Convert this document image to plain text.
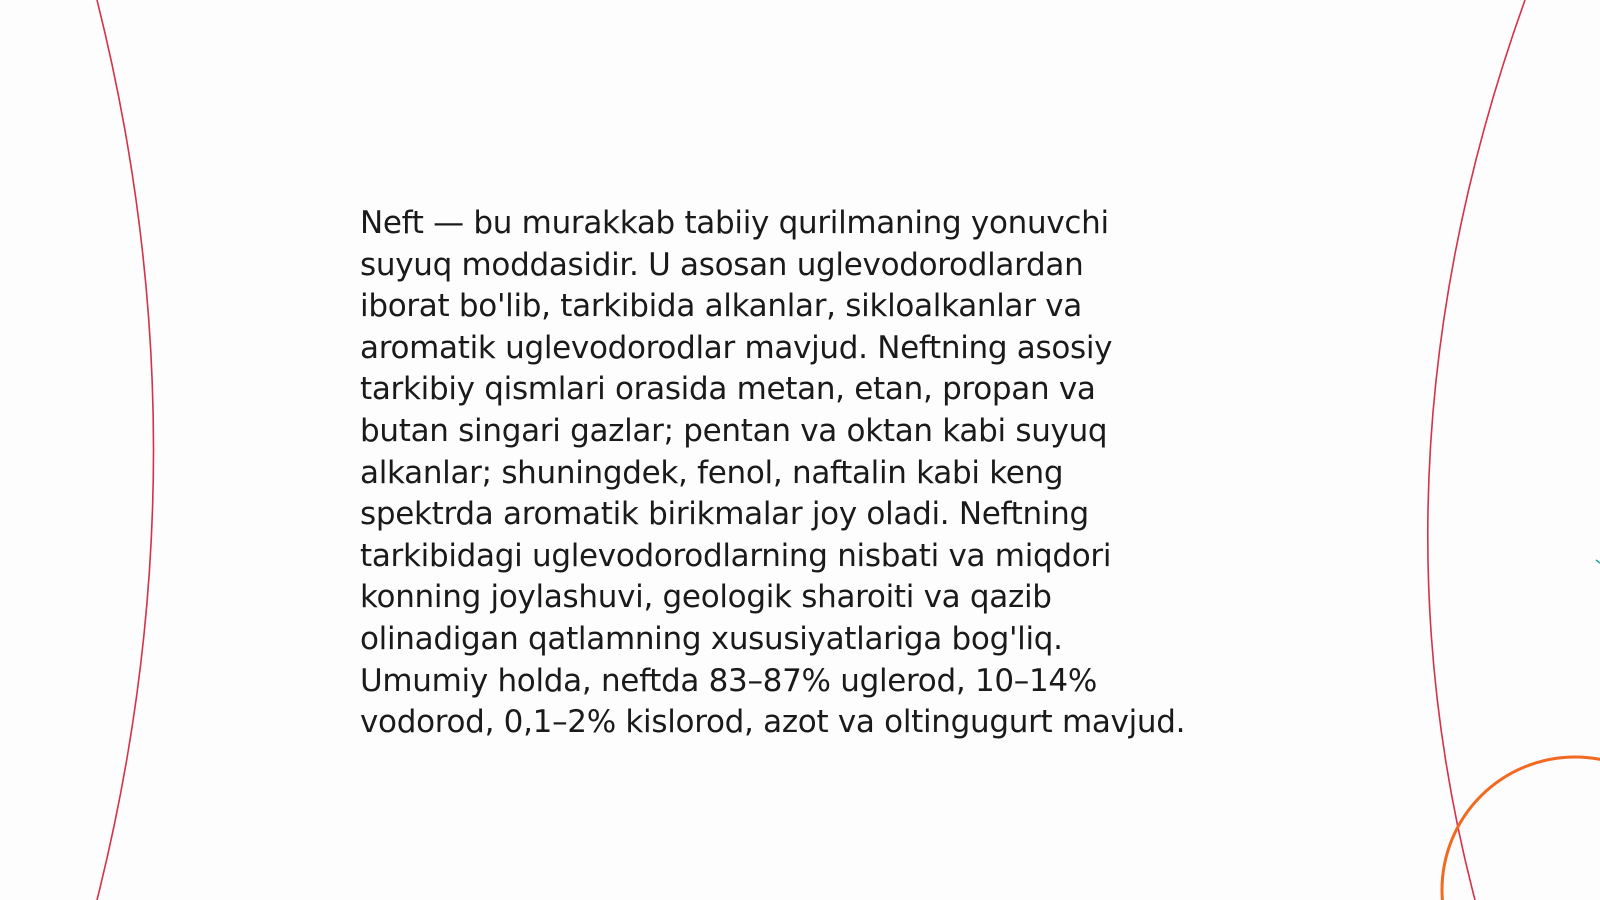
Neft — bu murakkab tabiiy qurilmaning yonuvchi
suyuq moddasidir. U asosan uglevodorodlardan
iborat bo'lib, tarkibida alkanlar, sikloalkanlar va
aromatik uglevodorodlar mavjud. Neftning asosiy
tarkibiy qismlari orasida metan, etan, propan va
butan singari gazlar; pentan va oktan kabi suyuq
alkanlar; shuningdek, fenol, naftalin kabi keng
spektrda aromatik birikmalar joy oladi. Neftning
tarkibidagi uglevodorodlarning nisbati va miqdori
konning joylashuvi, geologik sharoiti va qazib
olinadigan qatlamning xususiyatlariga bog'liq.
Umumiy holda, neftda 83–87% uglerod, 10–14%
vodorod, 0,1–2% kislorod, azot va oltingugurt mavjud.
